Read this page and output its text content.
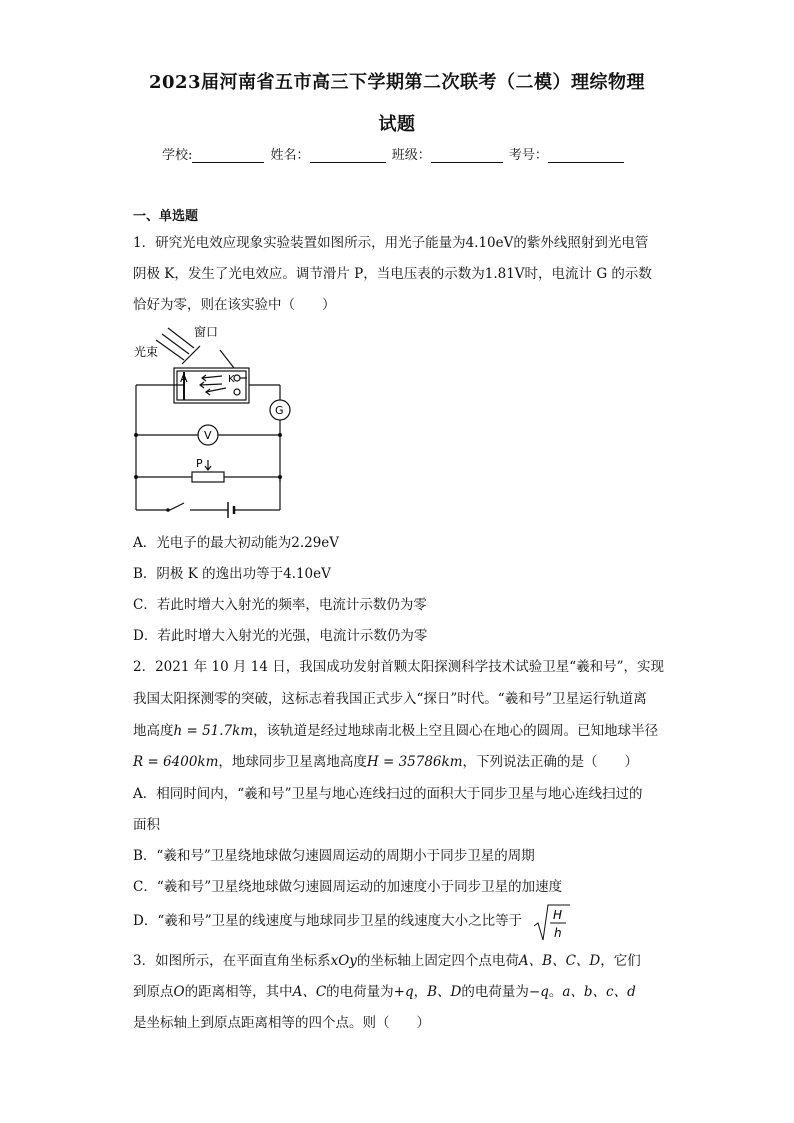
2023届河南省五市高三下学期第二次联考（二模）理综物理
试题
学校:	姓名：	班级：	考号：
一、单选题
1．研究光电效应现象实验装置如图所示，用光子能量为4.10eV的紫外线照射到光电管
阴极 K，发生了光电效应。调节滑片 P，当电压表的示数为1.81V时，电流计 G 的示数
恰好为零，则在该实验中（　　）
窗口
光束
A	K
G
V
P
A．光电子的最大初动能为2.29eV
B．阴极 K 的逸出功等于4.10eV
C．若此时增大入射光的频率，电流计示数仍为零
D．若此时增大入射光的光强，电流计示数仍为零
2．2021 年 10 月 14 日，我国成功发射首颗太阳探测科学技术试验卫星“羲和号”，实现
我国太阳探测零的突破，这标志着我国正式步入“探日”时代。“羲和号”卫星运行轨道离
地高度h = 51.7km，该轨道是经过地球南北极上空且圆心在地心的圆周。已知地球半径
R = 6400km，地球同步卫星离地高度H = 35786km，下列说法正确的是（　　）
A．相同时间内，“羲和号”卫星与地心连线扫过的面积大于同步卫星与地心连线扫过的
面积
B．“羲和号”卫星绕地球做匀速圆周运动的周期小于同步卫星的周期
C．“羲和号”卫星绕地球做匀速圆周运动的加速度小于同步卫星的加速度
D．“羲和号”卫星的线速度与地球同步卫星的线速度大小之比等于	H
h
3．如图所示，在平面直角坐标系xOy的坐标轴上固定四个点电荷A、B、C、D，它们
到原点O的距离相等，其中A、C的电荷量为+q，B、D的电荷量为−q。a、b、c、d
是坐标轴上到原点距离相等的四个点。则（　　）
